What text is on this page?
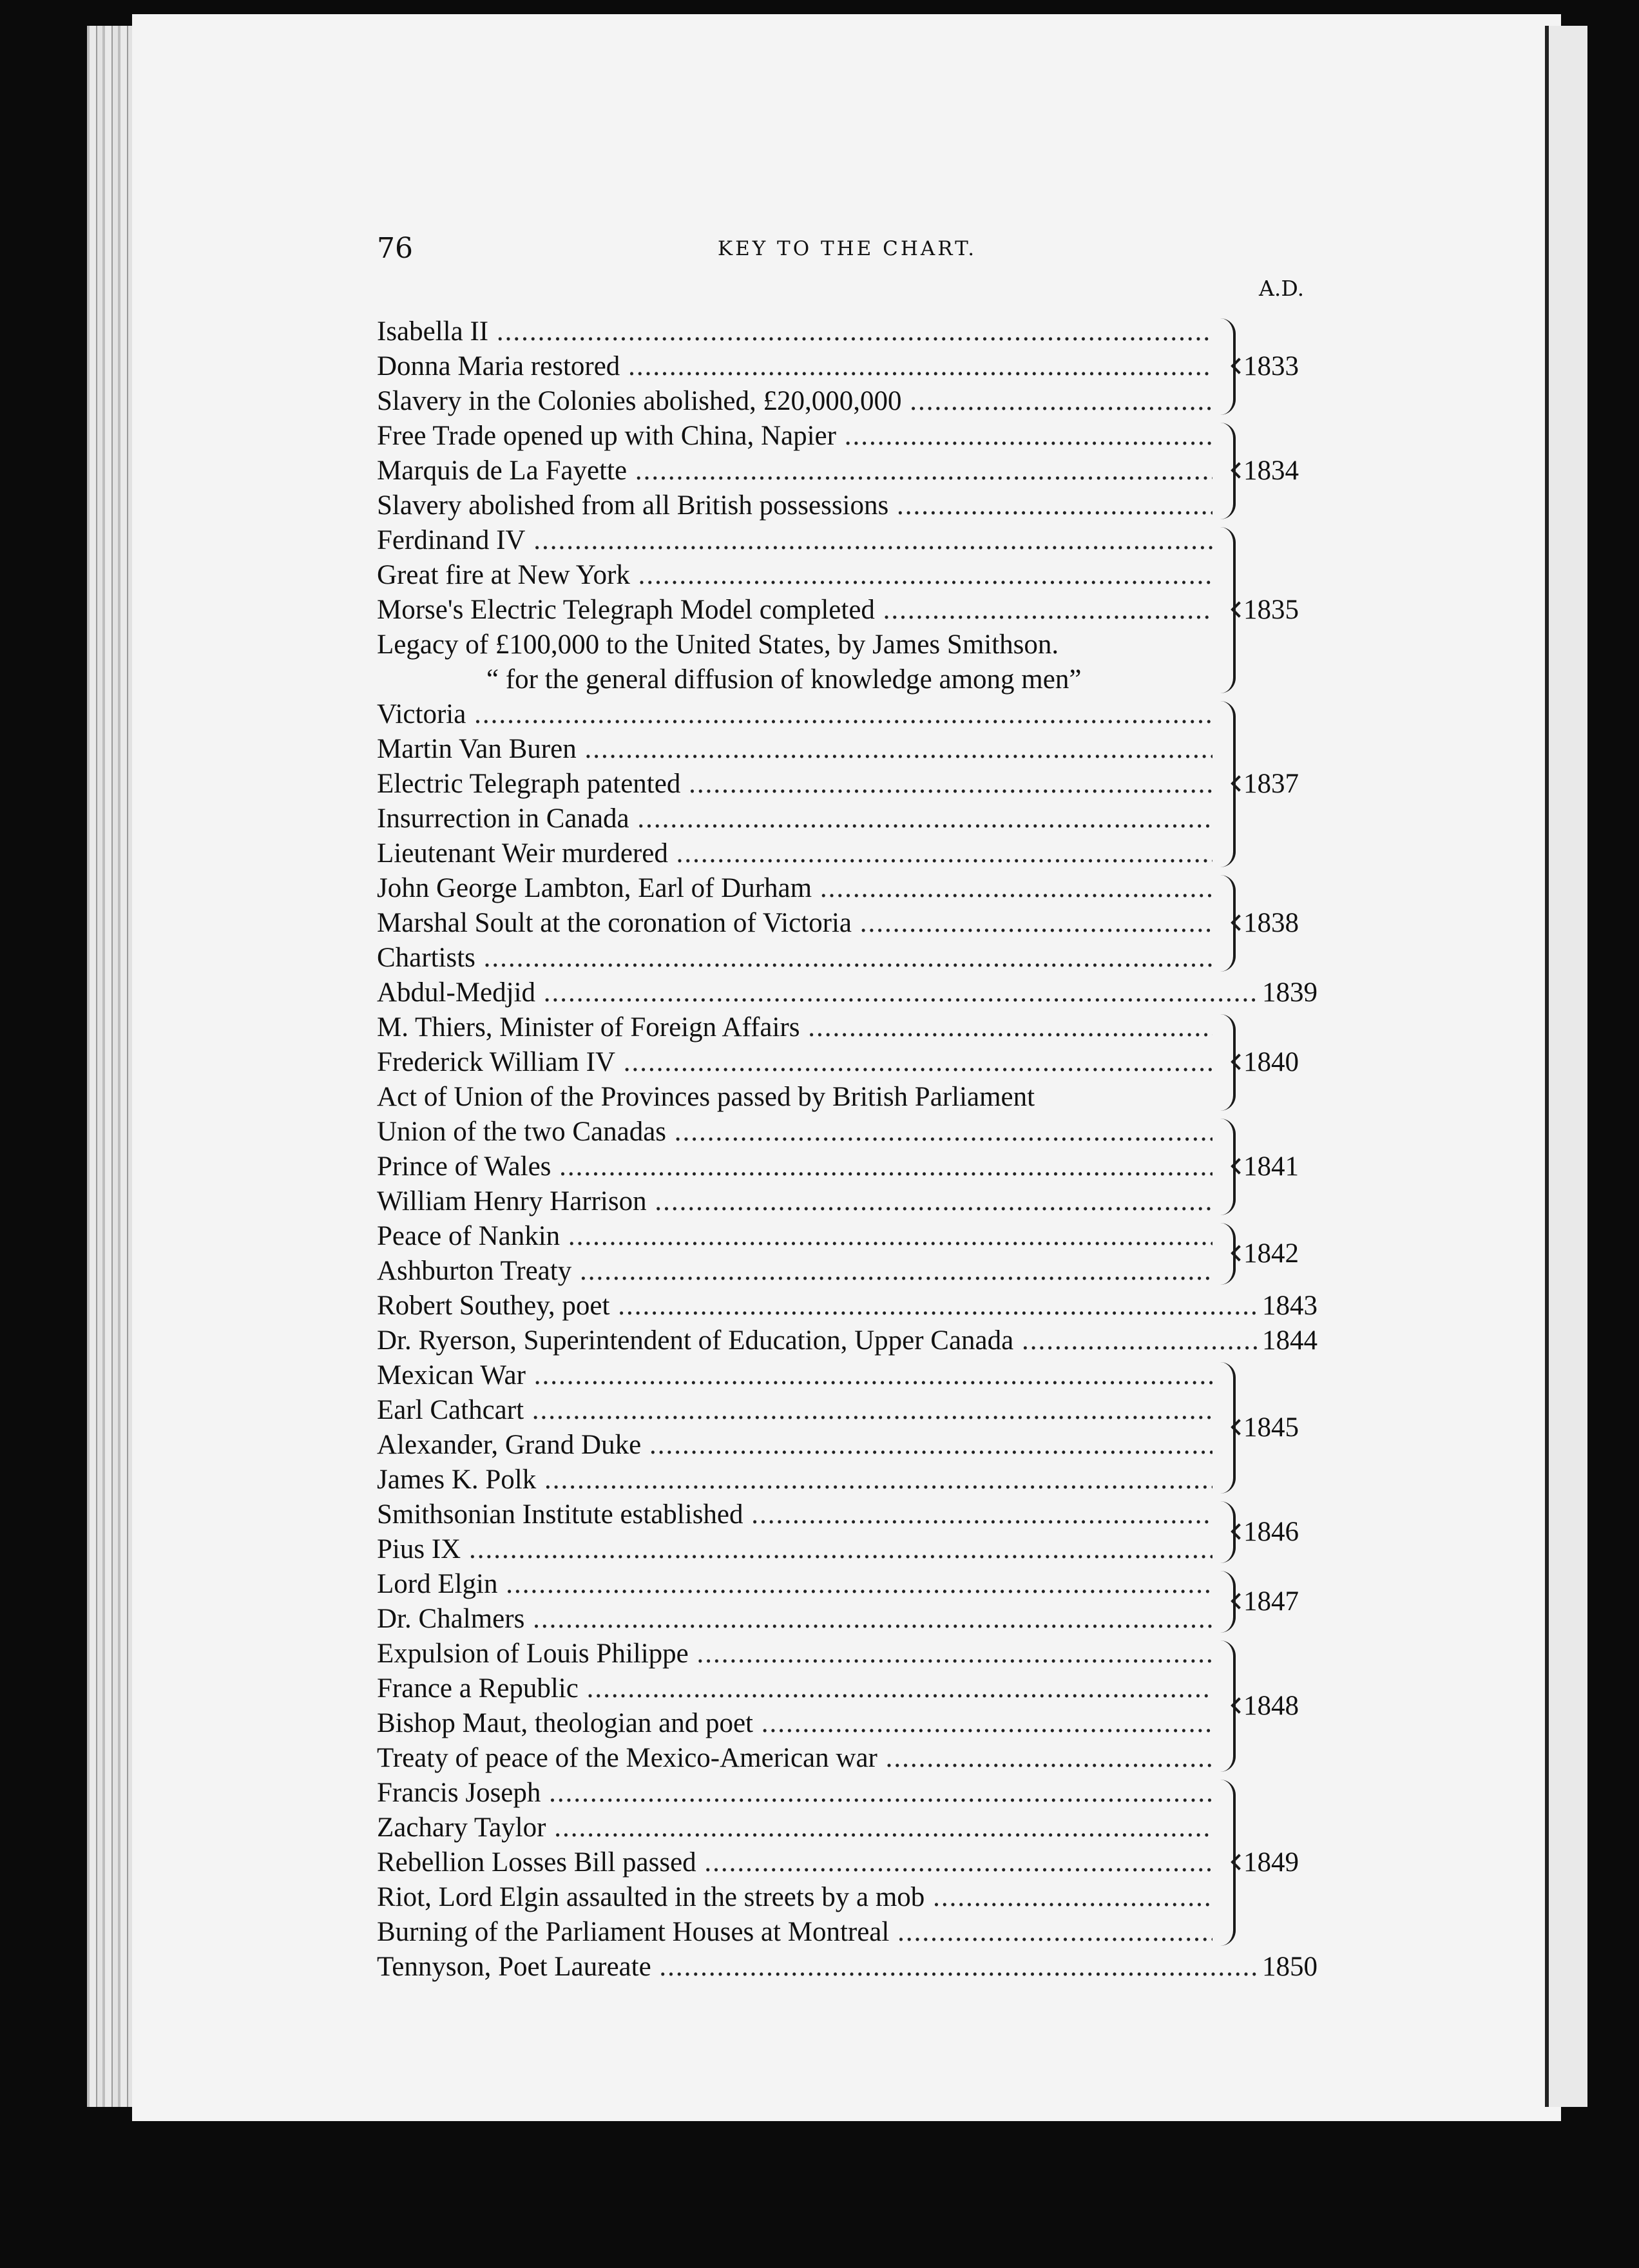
76	KEY TO THE CHART.
A.D.
Isabella II .....
Donna Maria restored .....
Slavery in the Colonies abolished, £20,000,000 .....
1833
Free Trade opened up with China, Napier .....
Marquis de La Fayette .....
Slavery abolished from all British possessions .....
1834
Ferdinand IV .....
Great fire at New York .....
Morse's Electric Telegraph Model completed .....
Legacy of £100,000 to the United States, by James Smithson.
“ for the general diffusion of knowledge among men”
1835
Victoria .....
Martin Van Buren .....
Electric Telegraph patented .....
Insurrection in Canada .....
Lieutenant Weir murdered .....
1837
John George Lambton, Earl of Durham .....
Marshal Soult at the coronation of Victoria .....
Chartists .....
1838
Abdul-Medjid .....	1839
M. Thiers, Minister of Foreign Affairs .....
Frederick William IV .....
Act of Union of the Provinces passed by British Parliament
1840
Union of the two Canadas .....
Prince of Wales .....
William Henry Harrison .....
1841
Peace of Nankin .....
Ashburton Treaty .....
1842
Robert Southey, poet .....	1843
Dr. Ryerson, Superintendent of Education, Upper Canada .....	1844
Mexican War .....
Earl Cathcart .....
Alexander, Grand Duke .....
James K. Polk .....
1845
Smithsonian Institute established .....
Pius IX .....
1846
Lord Elgin .....
Dr. Chalmers .....
1847
Expulsion of Louis Philippe .....
France a Republic .....
Bishop Maut, theologian and poet .....
Treaty of peace of the Mexico-American war .....
1848
Francis Joseph .....
Zachary Taylor .....
Rebellion Losses Bill passed .....
Riot, Lord Elgin assaulted in the streets by a mob .....
Burning of the Parliament Houses at Montreal .....
1849
Tennyson, Poet Laureate .....	1850
